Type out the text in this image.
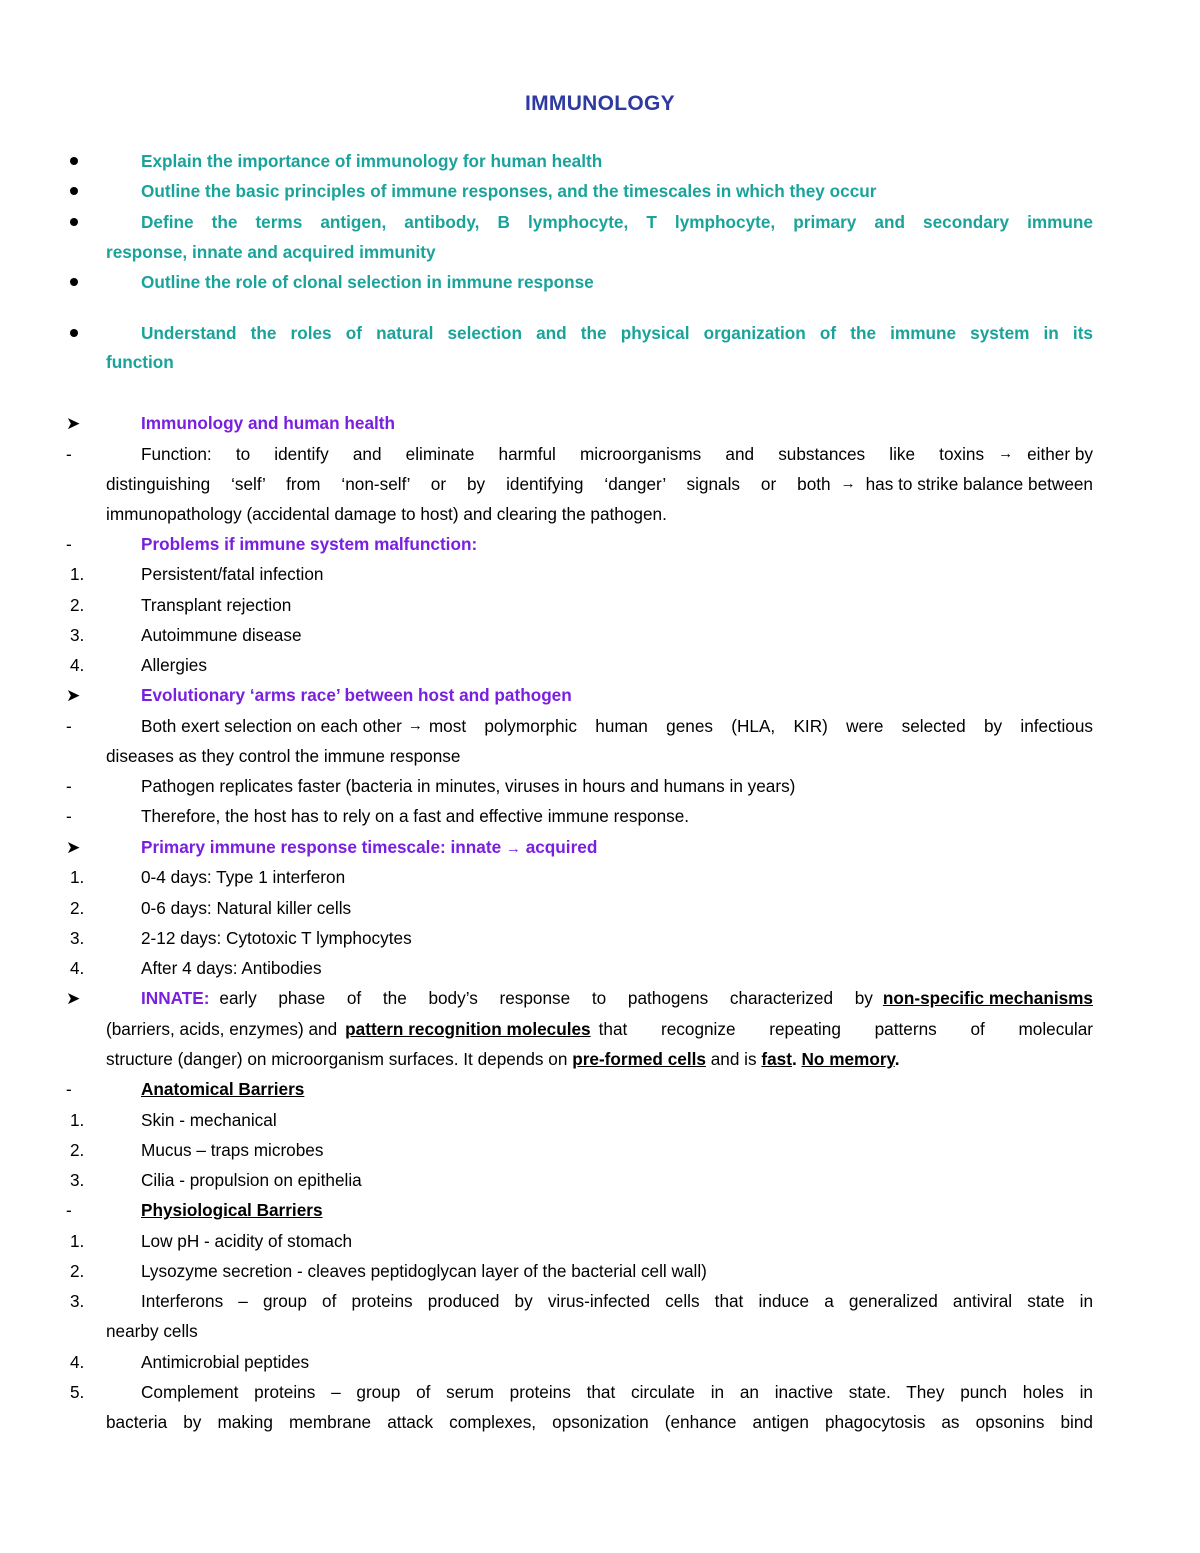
IMMUNOLOGY
Explain the importance of immunology for human health
Outline the basic principles of immune responses, and the timescales in which they occur
Define the terms antigen, antibody, B lymphocyte, T lymphocyte, primary and secondary immune
response, innate and acquired immunity
Outline the role of clonal selection in immune response
Understand the roles of natural selection and the physical organization of the immune system in its
function
➤	Immunology and human health
-	Function: to identify and eliminate harmful microorganisms and substances like toxins → either by
distinguishing ‘self’ from ‘non-self’ or by identifying ‘danger’ signals or both → has to strike balance between
immunopathology (accidental damage to host) and clearing the pathogen.
-	Problems if immune system malfunction:
1.	Persistent/fatal infection
2.	Transplant rejection
3.	Autoimmune disease
4.	Allergies
➤	Evolutionary ‘arms race’ between host and pathogen
-	Both exert selection on each other → most polymorphic human genes (HLA, KIR) were selected by infectious
diseases as they control the immune response
-	Pathogen replicates faster (bacteria in minutes, viruses in hours and humans in years)
-	Therefore, the host has to rely on a fast and effective immune response.
➤	Primary immune response timescale: innate → acquired
1.	0-4 days: Type 1 interferon
2.	0-6 days: Natural killer cells
3.	2-12 days: Cytotoxic T lymphocytes
4.	After 4 days: Antibodies
➤	INNATE: early phase of the body’s response to pathogens characterized by non-specific mechanisms
(barriers, acids, enzymes) and pattern recognition molecules that recognize repeating patterns of molecular
structure (danger) on microorganism surfaces. It depends on pre-formed cells and is fast. No memory.
-	Anatomical Barriers
1.	Skin - mechanical
2.	Mucus – traps microbes
3.	Cilia - propulsion on epithelia
-	Physiological Barriers
1.	Low pH - acidity of stomach
2.	Lysozyme secretion - cleaves peptidoglycan layer of the bacterial cell wall)
3.	Interferons – group of proteins produced by virus-infected cells that induce a generalized antiviral state in
nearby cells
4.	Antimicrobial peptides
5.	Complement proteins – group of serum proteins that circulate in an inactive state. They punch holes in
bacteria by making membrane attack complexes, opsonization (enhance antigen phagocytosis as opsonins bind
